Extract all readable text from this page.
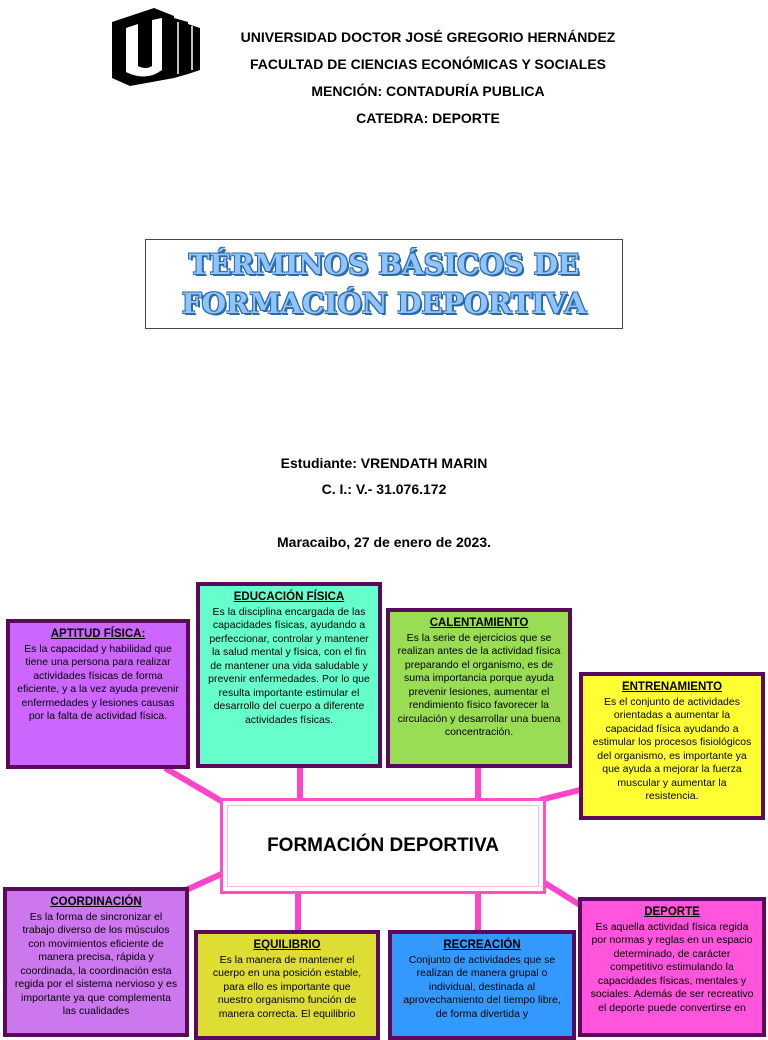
UNIVERSIDAD DOCTOR JOSÉ GREGORIO HERNÁNDEZ
FACULTAD DE CIENCIAS ECONÓMICAS Y SOCIALES
MENCIÓN: CONTADURÍA PUBLICA
CATEDRA: DEPORTE
TÉRMINOS BÁSICOS DE
FORMACIÓN DEPORTIVA
Estudiante: VRENDATH MARIN
C. I.: V.- 31.076.172
Maracaibo, 27 de enero de 2023.
APTITUD FÍSICA:
Es la capacidad y habilidad que tiene una persona para realizar actividades físicas de forma eficiente, y a la vez ayuda prevenir enfermedades y lesiones causas por la falta de actividad física.
EDUCACIÓN FÍSICA
Es la disciplina encargada de las capacidades físicas, ayudando a perfeccionar, controlar y mantener la salud mental y física, con el fin de mantener una vida saludable y prevenir enfermedades. Por lo que resulta importante estimular el desarrollo del cuerpo a diferente actividades físicas.
CALENTAMIENTO
Es la serie de ejercicios que se realizan antes de la actividad física preparando el organismo, es de suma importancia porque ayuda prevenir lesiones, aumentar el rendimiento físico favorecer la circulación y desarrollar una buena concentración.
ENTRENAMIENTO
Es el conjunto de actividades orientadas a aumentar la capacidad física ayudando a estimular los procesos fisiológicos del organismo, es importante ya que ayuda a mejorar la fuerza muscular y aumentar la resistencia.
FORMACIÓN DEPORTIVA
COORDINACIÓN
Es la forma de sincronizar el trabajo diverso de los músculos con movimientos eficiente de manera precisa, rápida y coordinada, la coordinación esta regida por el sistema nervioso y es importante ya que complementa las cualidades
EQUILIBRIO
Es la manera de mantener el cuerpo en una posición estable, para ello es importante que nuestro organismo función de manera correcta. El equilibrio
RECREACIÓN
Conjunto de actividades que se realizan de manera grupal o individual, destinada al aprovechamiento del tiempo libre, de forma divertida y
DEPORTE
Es aquella actividad física regida por normas y reglas en un espacio determinado, de carácter competitivo estimulando la capacidades físicas, mentales y sociales. Además de ser recreativo el deporte puede convertirse en
